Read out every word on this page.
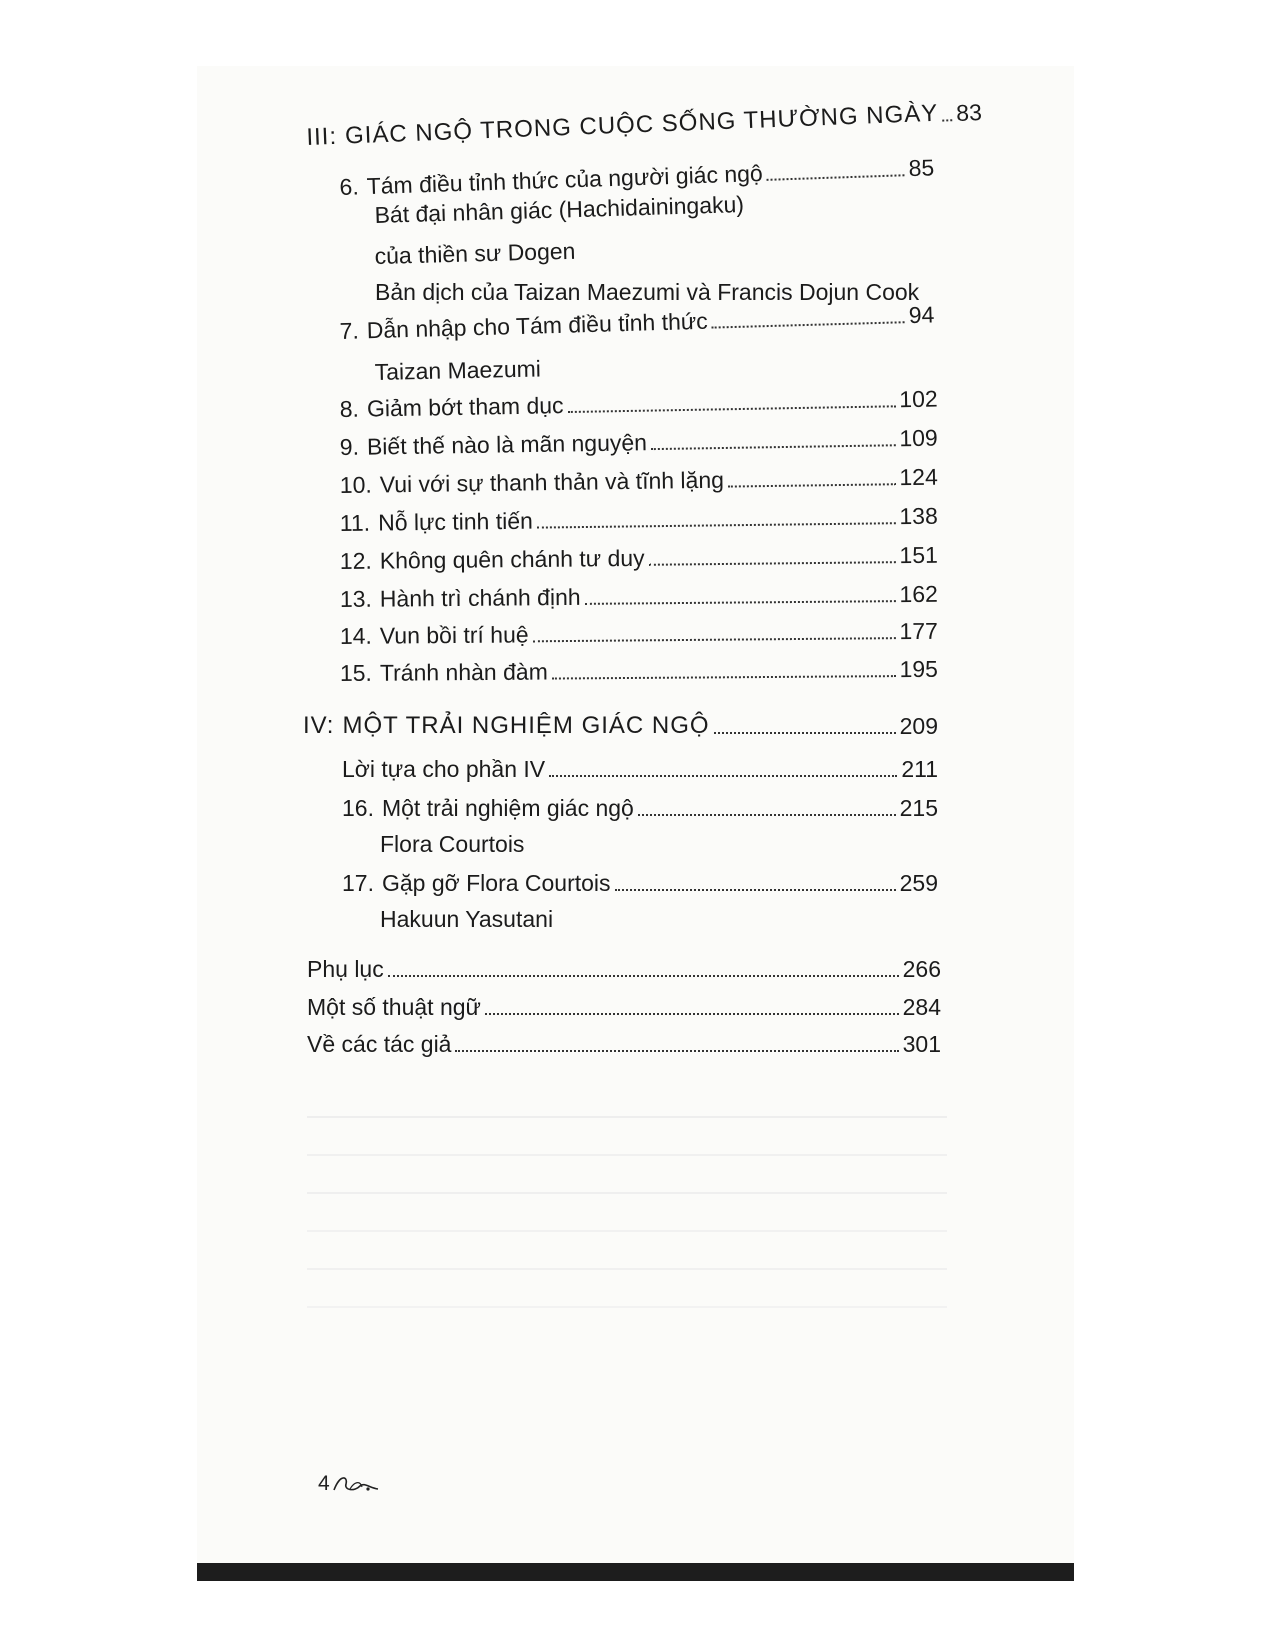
III: GIÁC NGỘ TRONG CUỘC SỐNG THƯỜNG NGÀY 83
6. Tám điều tỉnh thức của người giác ngộ	85
Bát đại nhân giác (Hachidainingaku)
của thiền sư Dogen
Bản dịch của Taizan Maezumi và Francis Dojun Cook
7. Dẫn nhập cho Tám điều tỉnh thức	94
Taizan Maezumi
8. Giảm bớt tham dục	102
9. Biết thế nào là mãn nguyện	109
10. Vui với sự thanh thản và tĩnh lặng	124
11. Nỗ lực tinh tiến	138
12. Không quên chánh tư duy	151
13. Hành trì chánh định	162
14. Vun bồi trí huệ	177
15. Tránh nhàn đàm	195
IV: MỘT TRẢI NGHIỆM GIÁC NGỘ	209
Lời tựa cho phần IV	211
16. Một trải nghiệm giác ngộ	215
Flora Courtois
17. Gặp gỡ Flora Courtois	259
Hakuun Yasutani
Phụ lục	266
Một số thuật ngữ	284
Về các tác giả	301
4
